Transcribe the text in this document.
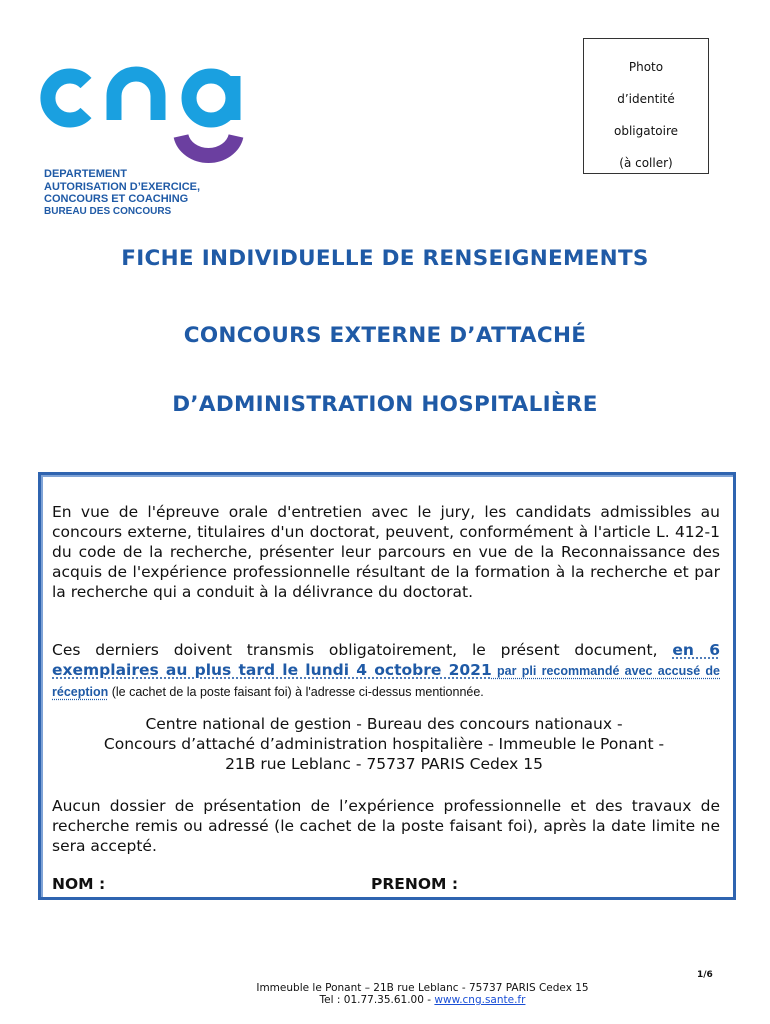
DEPARTEMENT
AUTORISATION D’EXERCICE,
CONCOURS ET COACHING
BUREAU DES CONCOURS
Photo
d’identité
obligatoire
(à coller)
FICHE INDIVIDUELLE DE RENSEIGNEMENTS
CONCOURS EXTERNE D’ATTACHÉ
D’ADMINISTRATION HOSPITALIÈRE
En vue de l'épreuve orale d'entretien avec le jury, les candidats admissibles au concours externe, titulaires d'un doctorat, peuvent, conformément à l'article L. 412-1 du code de la recherche, présenter leur parcours en vue de la Reconnaissance des acquis de l'expérience professionnelle résultant de la formation à la recherche et par la recherche qui a conduit à la délivrance du doctorat.
Ces derniers doivent transmis obligatoirement, le présent document, en 6 exemplaires au plus tard le lundi 4 octobre 2021 par pli recommandé avec accusé de réception (le cachet de la poste faisant foi) à l'adresse ci-dessus mentionnée.
Centre national de gestion - Bureau des concours nationaux -
Concours d’attaché d’administration hospitalière - Immeuble le Ponant -
21B rue Leblanc - 75737 PARIS Cedex 15
Aucun dossier de présentation de l’expérience professionnelle et des travaux de recherche remis ou adressé (le cachet de la poste faisant foi), après la date limite ne sera accepté.
NOM :	PRENOM :
1/6
Immeuble le Ponant – 21B rue Leblanc - 75737 PARIS Cedex 15
Tel : 01.77.35.61.00 - www.cng.sante.fr
